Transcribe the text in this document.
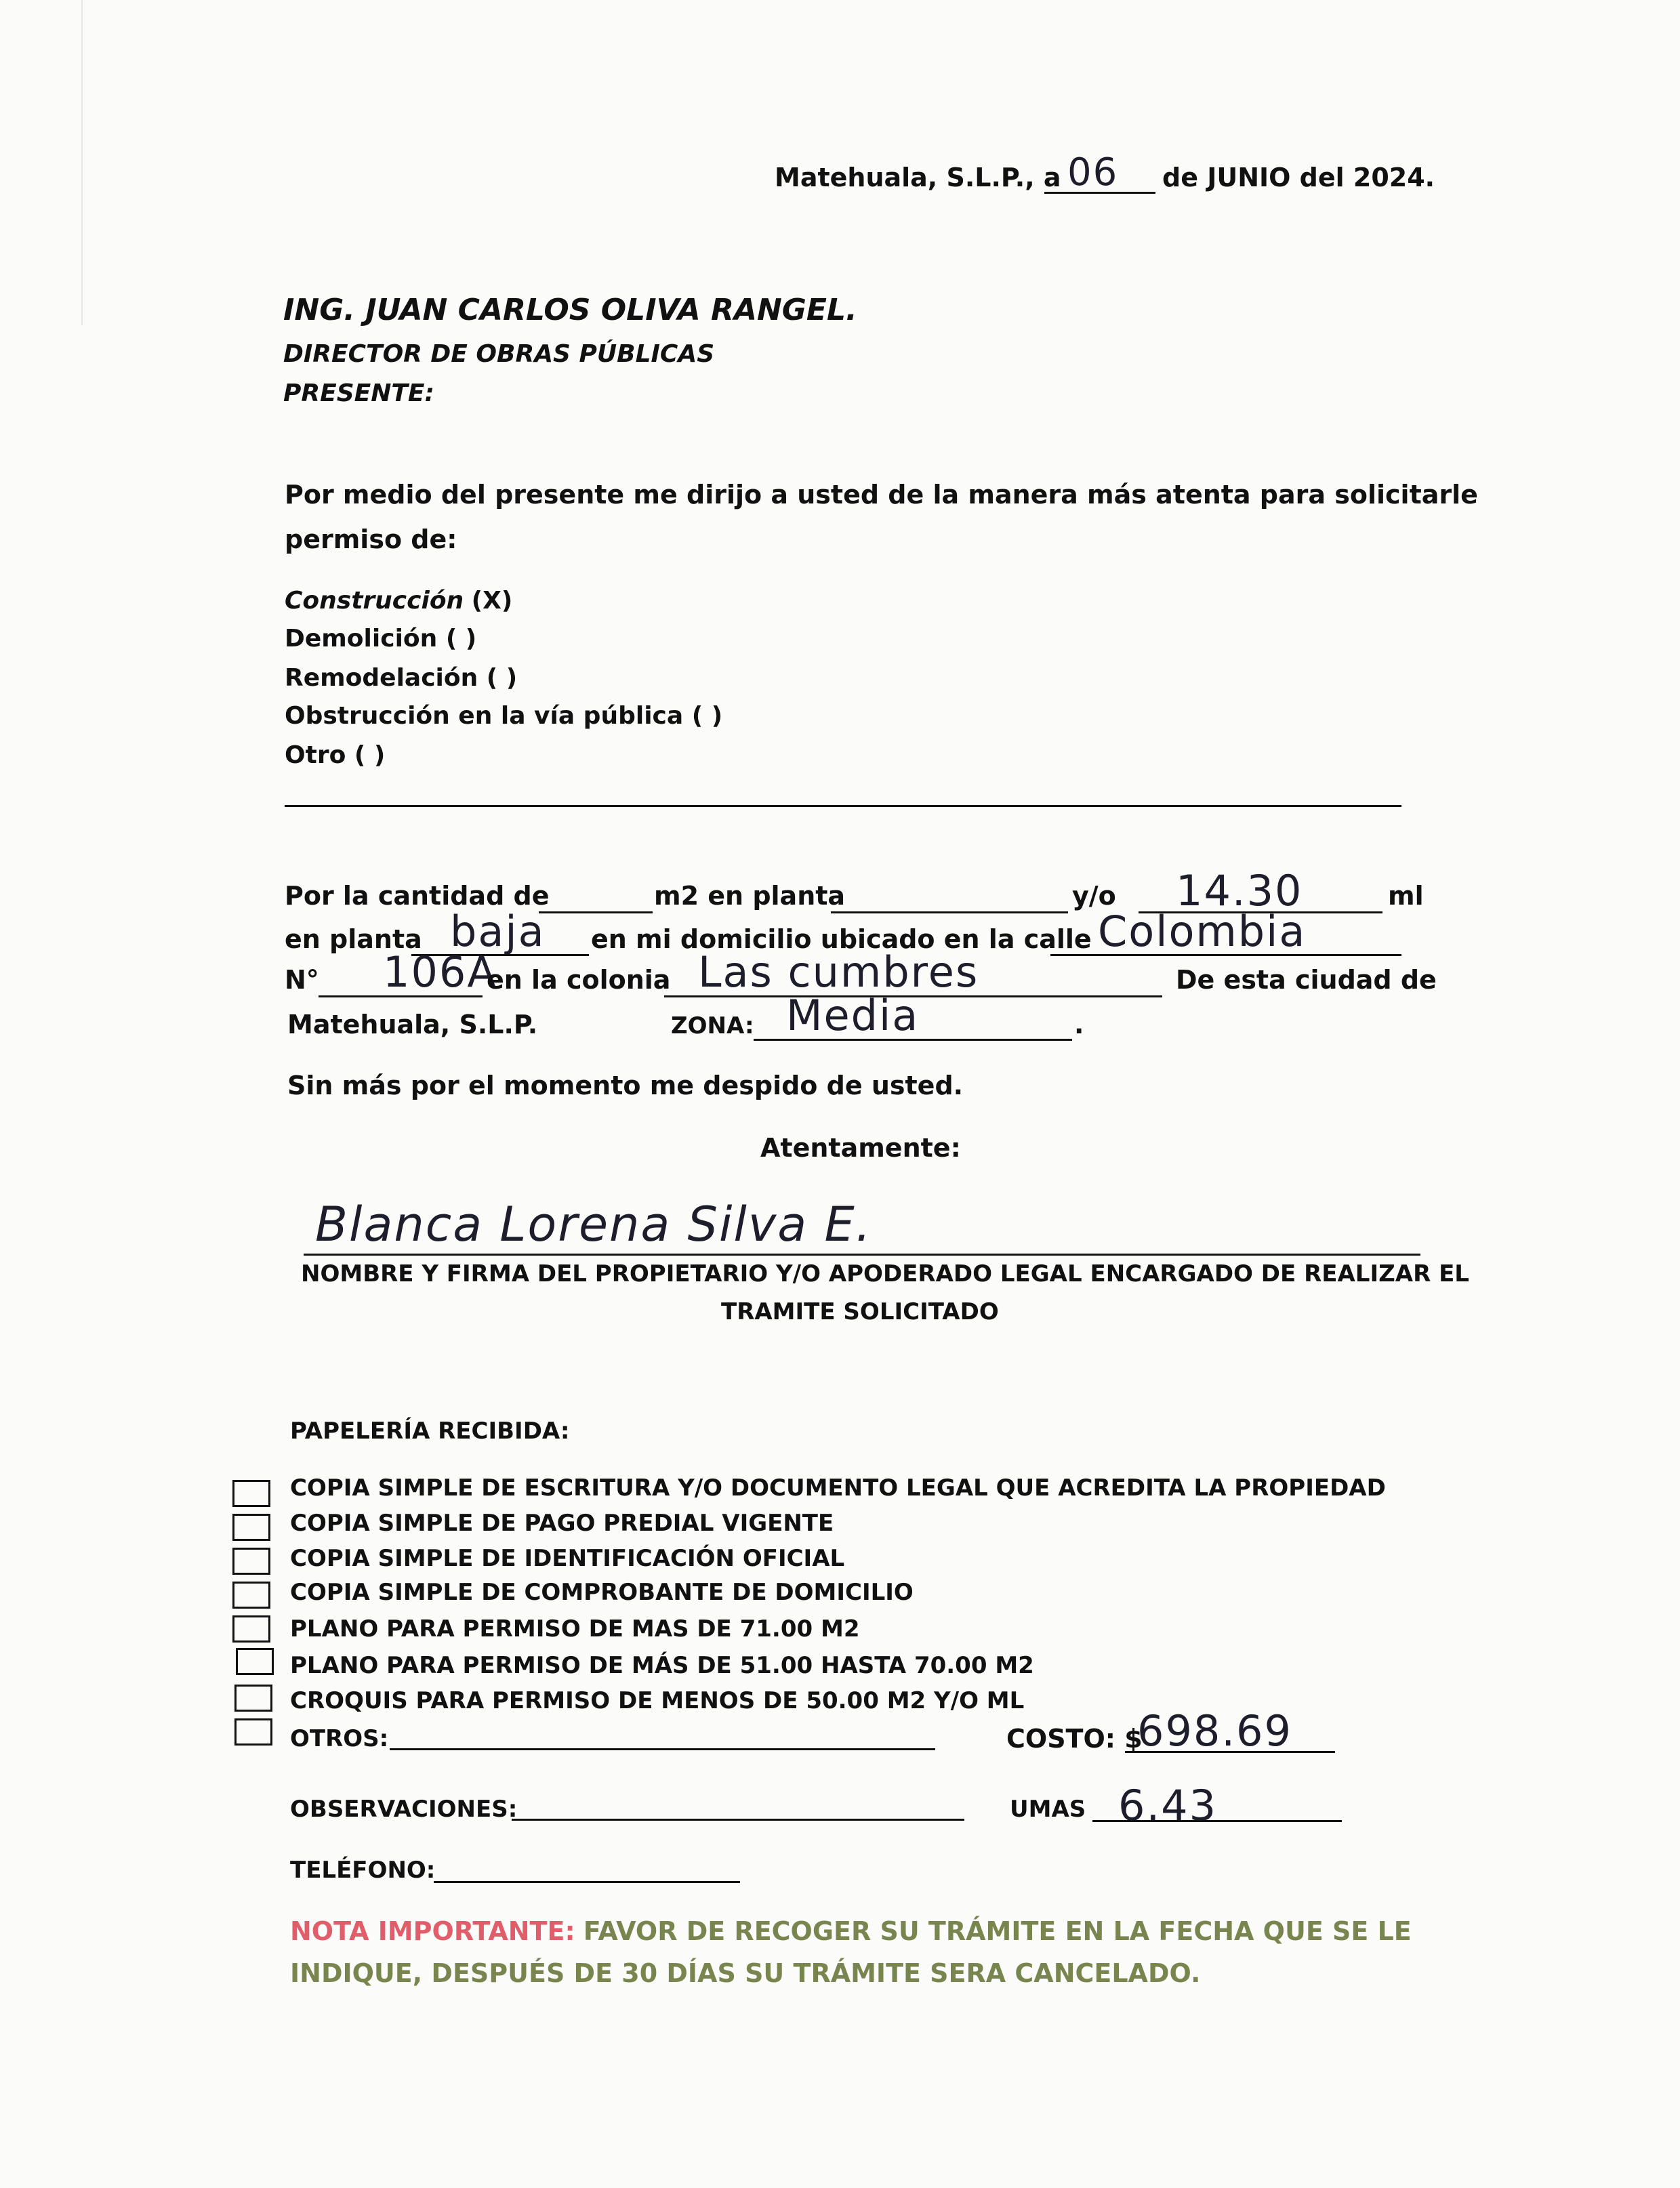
Matehuala, S.L.P., a 06 de JUNIO del 2024.
ING. JUAN CARLOS OLIVA RANGEL.
DIRECTOR DE OBRAS PÚBLICAS
PRESENTE:
Por medio del presente me dirijo a usted de la manera más atenta para solicitarle
permiso de:
Construcción (X)
Demolición ( )
Remodelación ( )
Obstrucción en la vía pública ( )
Otro ( )
Por la cantidad de	m2 en planta	y/o 14.30	ml
en planta baja en mi domicilio ubicado en la calle Colombia
N° 106A
en la colonia Las cumbres	De esta ciudad de
Matehuala, S.L.P.	ZONA: Media	.
Sin más por el momento me despido de usted.
Atentamente:
Blanca Lorena Silva E.
NOMBRE Y FIRMA DEL PROPIETARIO Y/O APODERADO LEGAL ENCARGADO DE REALIZAR EL
TRAMITE SOLICITADO
PAPELERÍA RECIBIDA:
COPIA SIMPLE DE ESCRITURA Y/O DOCUMENTO LEGAL QUE ACREDITA LA PROPIEDAD
COPIA SIMPLE DE PAGO PREDIAL VIGENTE
COPIA SIMPLE DE IDENTIFICACIÓN OFICIAL
COPIA SIMPLE DE COMPROBANTE DE DOMICILIO
PLANO PARA PERMISO DE MAS DE 71.00 M2
PLANO PARA PERMISO DE MÁS DE 51.00 HASTA 70.00 M2
CROQUIS PARA PERMISO DE MENOS DE 50.00 M2 Y/O ML
OTROS:	COSTO: $
698.69
OBSERVACIONES:	UMAS 6.43
TELÉFONO:
NOTA IMPORTANTE: FAVOR DE RECOGER SU TRÁMITE EN LA FECHA QUE SE LE
INDIQUE, DESPUÉS DE 30 DÍAS SU TRÁMITE SERA CANCELADO.
